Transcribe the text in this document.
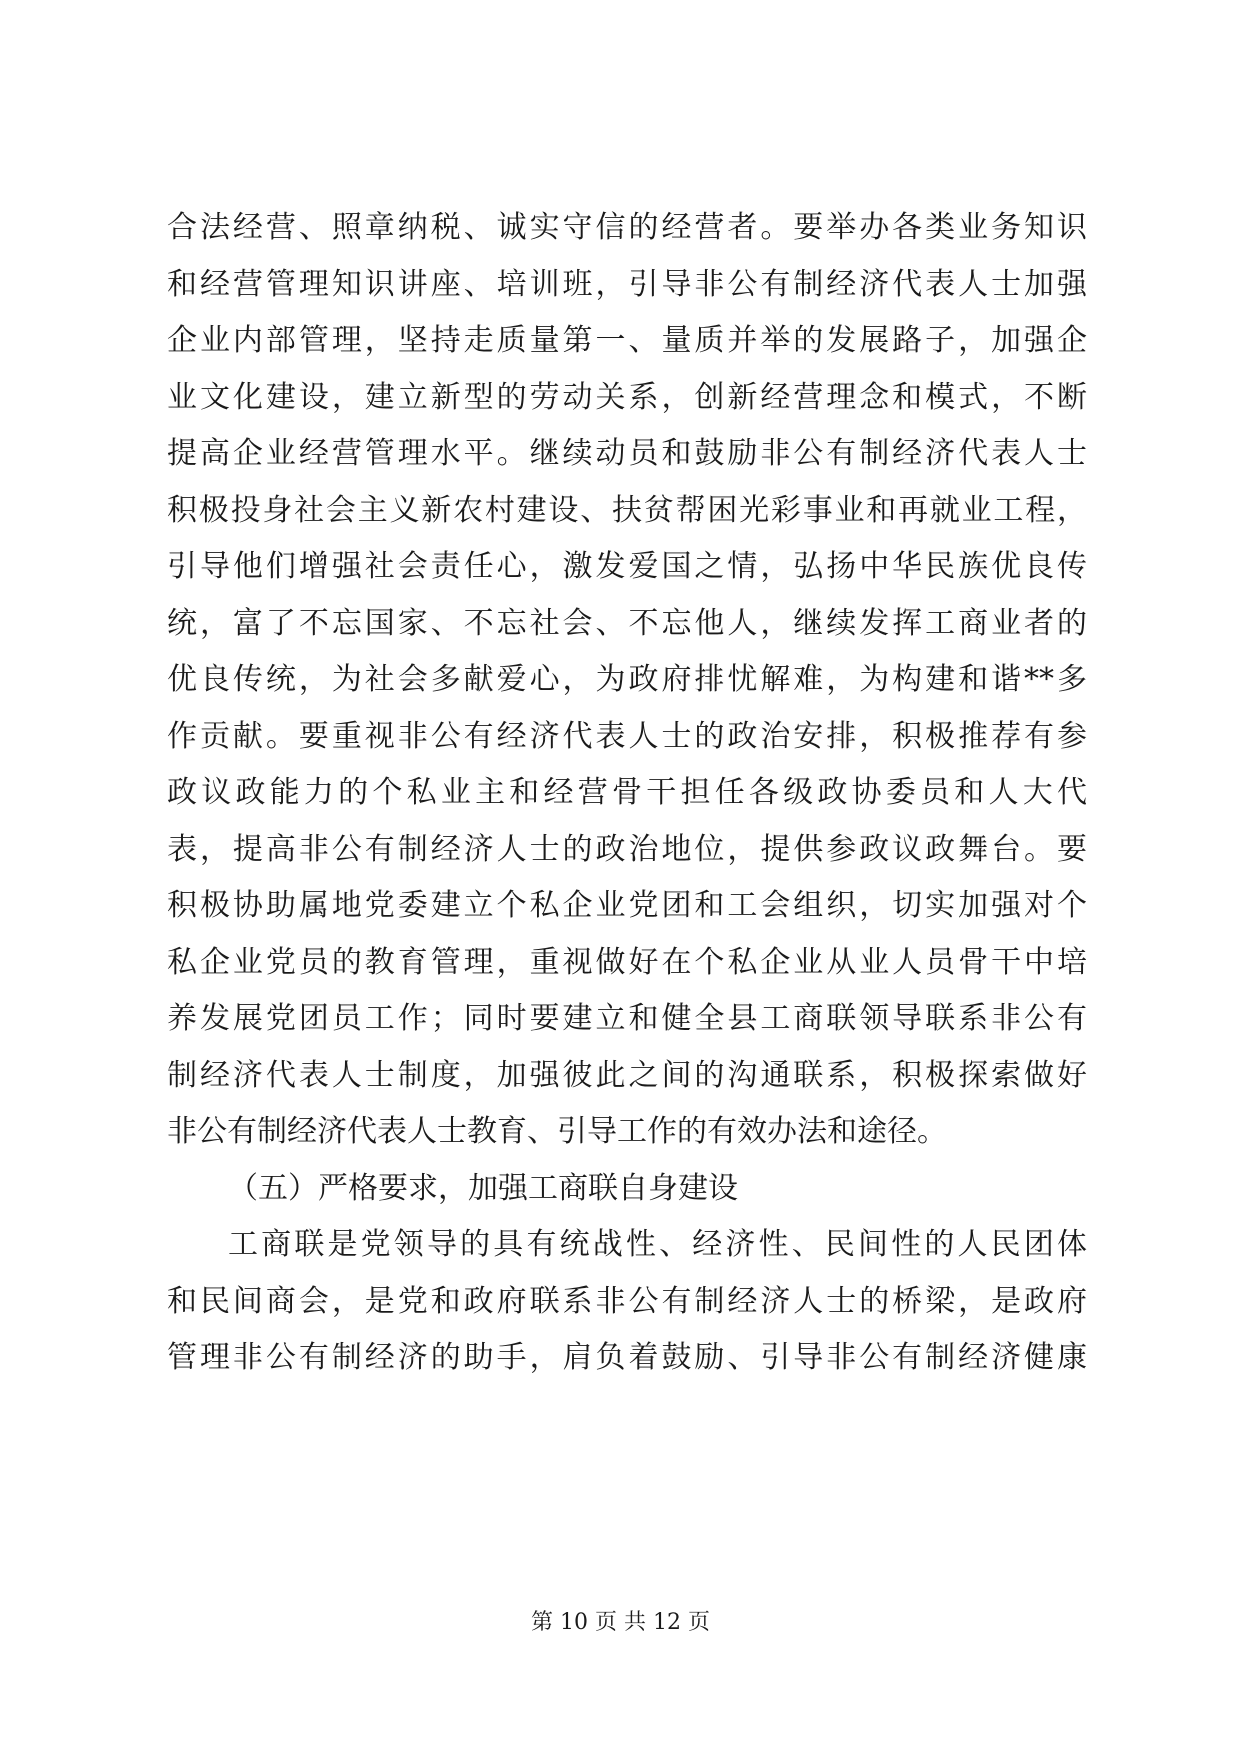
合法经营、照章纳税、诚实守信的经营者。要举办各类业务知识
和经营管理知识讲座、培训班，引导非公有制经济代表人士加强
企业内部管理，坚持走质量第一、量质并举的发展路子，加强企
业文化建设，建立新型的劳动关系，创新经营理念和模式，不断
提高企业经营管理水平。继续动员和鼓励非公有制经济代表人士
积极投身社会主义新农村建设、扶贫帮困光彩事业和再就业工程，
引导他们增强社会责任心，激发爱国之情，弘扬中华民族优良传
统，富了不忘国家、不忘社会、不忘他人，继续发挥工商业者的
优良传统，为社会多献爱心，为政府排忧解难，为构建和谐**多
作贡献。要重视非公有经济代表人士的政治安排，积极推荐有参
政议政能力的个私业主和经营骨干担任各级政协委员和人大代
表，提高非公有制经济人士的政治地位，提供参政议政舞台。要
积极协助属地党委建立个私企业党团和工会组织，切实加强对个
私企业党员的教育管理，重视做好在个私企业从业人员骨干中培
养发展党团员工作；同时要建立和健全县工商联领导联系非公有
制经济代表人士制度，加强彼此之间的沟通联系，积极探索做好
非公有制经济代表人士教育、引导工作的有效办法和途径。
（五）严格要求，加强工商联自身建设
工商联是党领导的具有统战性、经济性、民间性的人民团体
和民间商会，是党和政府联系非公有制经济人士的桥梁，是政府
管理非公有制经济的助手，肩负着鼓励、引导非公有制经济健康
第 10 页 共 12 页
